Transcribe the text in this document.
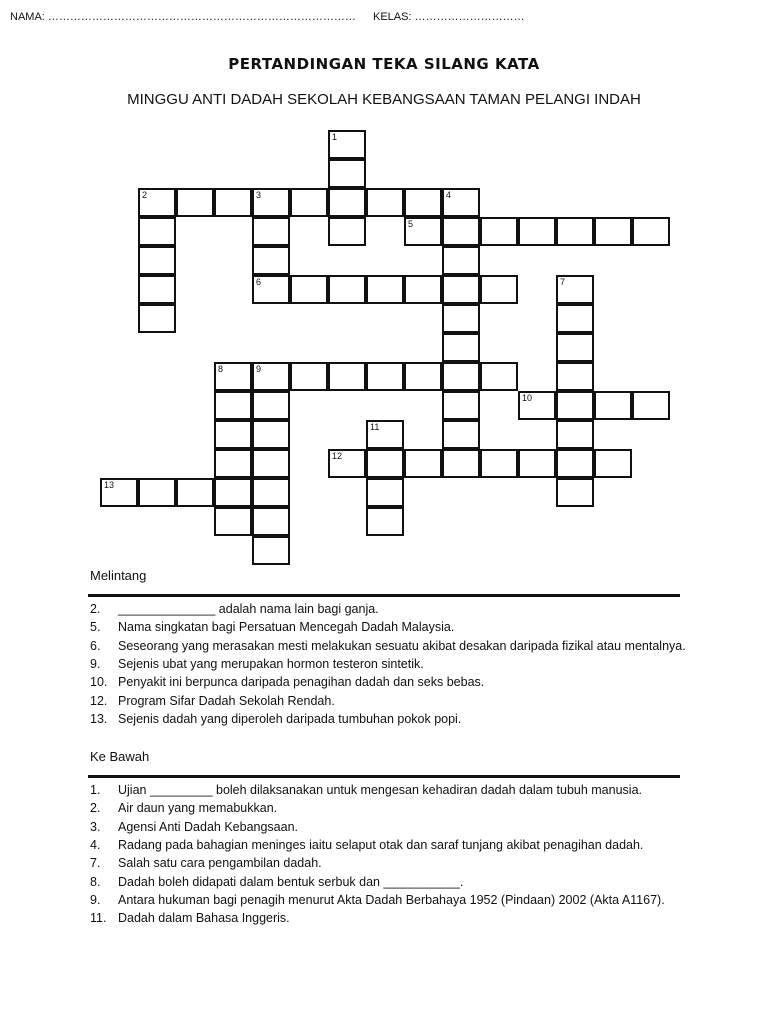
NAMA: ………………………………………………………………………… KELAS: …………………………
PERTANDINGAN TEKA SILANG KATA
MINGGU ANTI DADAH SEKOLAH KEBANGSAAN TAMAN PELANGI INDAH
1
2	3
6
4
5
7
8	9
10
11
12
13
Melintang
2. ______________ adalah nama lain bagi ganja.
5. Nama singkatan bagi Persatuan Mencegah Dadah Malaysia.
6. Seseorang yang merasakan mesti melakukan sesuatu akibat desakan daripada fizikal atau mentalnya.
9. Sejenis ubat yang merupakan hormon testeron sintetik.
10. Penyakit ini berpunca daripada penagihan dadah dan seks bebas.
12. Program Sifar Dadah Sekolah Rendah.
13. Sejenis dadah yang diperoleh daripada tumbuhan pokok popi.
Ke Bawah
1. Ujian _________ boleh dilaksanakan untuk mengesan kehadiran dadah dalam tubuh manusia.
2. Air daun yang memabukkan.
3. Agensi Anti Dadah Kebangsaan.
4. Radang pada bahagian meninges iaitu selaput otak dan saraf tunjang akibat penagihan dadah.
7. Salah satu cara pengambilan dadah.
8. Dadah boleh didapati dalam bentuk serbuk dan ___________.
9. Antara hukuman bagi penagih menurut Akta Dadah Berbahaya 1952 (Pindaan) 2002 (Akta A1167).
11. Dadah dalam Bahasa Inggeris.
